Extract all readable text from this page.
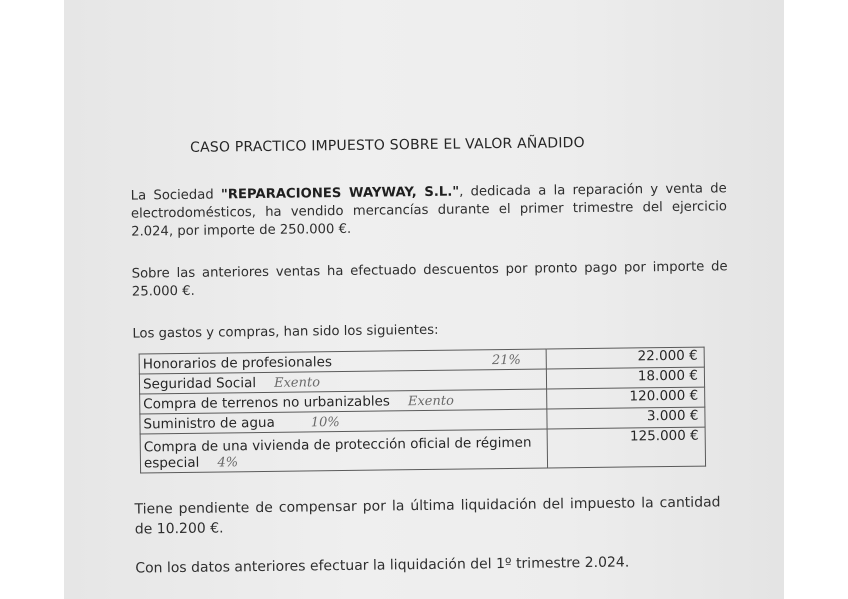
CASO PRACTICO IMPUESTO SOBRE EL VALOR AÑADIDO

La Sociedad "REPARACIONES WAYWAY, S.L.", dedicada a la reparación y venta de electrodomésticos, ha vendido mercancías durante el primer trimestre del ejercicio 2.024, por importe de 250.000 €.

Sobre las anteriores ventas ha efectuado descuentos por pronto pago por importe de 25.000 €.

Los gastos y compras, han sido los siguientes:

Honorarios de profesionales 21%	22.000 €
Seguridad Social Exento	18.000 €
Compra de terrenos no urbanizables Exento	120.000 €
Suministro de agua 10%	3.000 €
Compra de una vivienda de protección oficial de régimen especial 4%	125.000 €

Tiene pendiente de compensar por la última liquidación del impuesto la cantidad de 10.200 €.

Con los datos anteriores efectuar la liquidación del 1º trimestre 2.024.
